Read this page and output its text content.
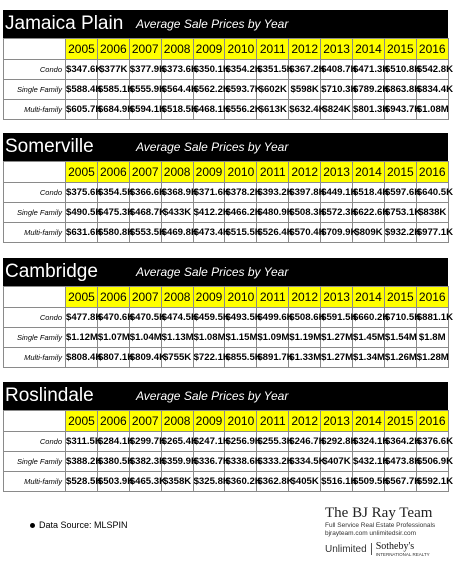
Jamaica Plain Average Sale Prices by Year
	2005	2006	2007	2008	2009	2010	2011	2012	2013	2014	2015	2016
Condo	$347.6K	$377K	$377.9K	$373.6K	$350.1K	$354.2K	$351.5K	$367.2K	$408.7K	$471.3K	$510.8K	$542.8K
Single Family	$588.4K	$585.1K	$555.9K	$564.4K	$562.2K	$593.7K	$602K	$598K	$710.3K	$789.2K	$863.8K	$834.4K
Multi-family	$605.7K	$684.9K	$594.1K	$518.5K	$468.1K	$556.2K	$613K	$632.4K	$824K	$801.3K	$943.7K	$1.08M
Somerville	Average Sale Prices by Year
	2005	2006	2007	2008	2009	2010	2011	2012	2013	2014	2015	2016
Condo	$375.6K	$354.5K	$366.6K	$368.9K	$371.6K	$378.2K	$393.2K	$397.8K	$449.1K	$518.4K	$597.6K	$640.5K
Single Family	$490.5K	$475.3K	$468.7K	$433K	$412.2K	$466.2K	$480.9K	$508.3K	$572.3K	$622.6K	$753.1K	$838K
Multi-family	$631.6K	$580.8K	$553.5K	$469.8K	$473.4K	$515.5K	$526.4K	$570.4K	$709.9K	$809K	$932.2K	$977.1K
Cambridge	Average Sale Prices by Year
	2005	2006	2007	2008	2009	2010	2011	2012	2013	2014	2015	2016
Condo	$477.8K	$470.6K	$470.5K	$474.5K	$459.5K	$493.5K	$499.6K	$508.6K	$591.5K	$660.2K	$710.5K	$881.1K
Single Family	$1.12M	$1.07M	$1.04M	$1.13M	$1.08M	$1.15M	$1.09M	$1.19M	$1.27M	$1.45M	$1.54M	$1.8M
Multi-family	$808.4K	$807.1K	$809.4K	$755K	$722.1K	$855.5K	$891.7K	$1.33M	$1.27M	$1.34M	$1.26M	$1.28M
Roslindale	Average Sale Prices by Year
	2005	2006	2007	2008	2009	2010	2011	2012	2013	2014	2015	2016
Condo	$311.5K	$284.1K	$299.7K	$265.4K	$247.1K	$256.9K	$255.3K	$246.7K	$292.8K	$324.1K	$364.2K	$376.6K
Single Family	$388.2K	$380.5K	$382.3K	$359.9K	$336.7K	$338.6K	$333.2K	$334.5K	$407K	$432.1K	$473.8K	$506.9K
Multi-family	$528.5K	$503.9K	$465.3K	$358K	$325.8K	$360.2K	$362.8K	$405K	$516.1K	$509.5K	$567.7K	$592.1K
Data Source: MLSPIN
The BJ Ray Team
Full Service Real Estate Professionals
bjrayteam.com unlimitedsir.com
Unlimited Sotheby's
INTERNATIONAL REALTY
